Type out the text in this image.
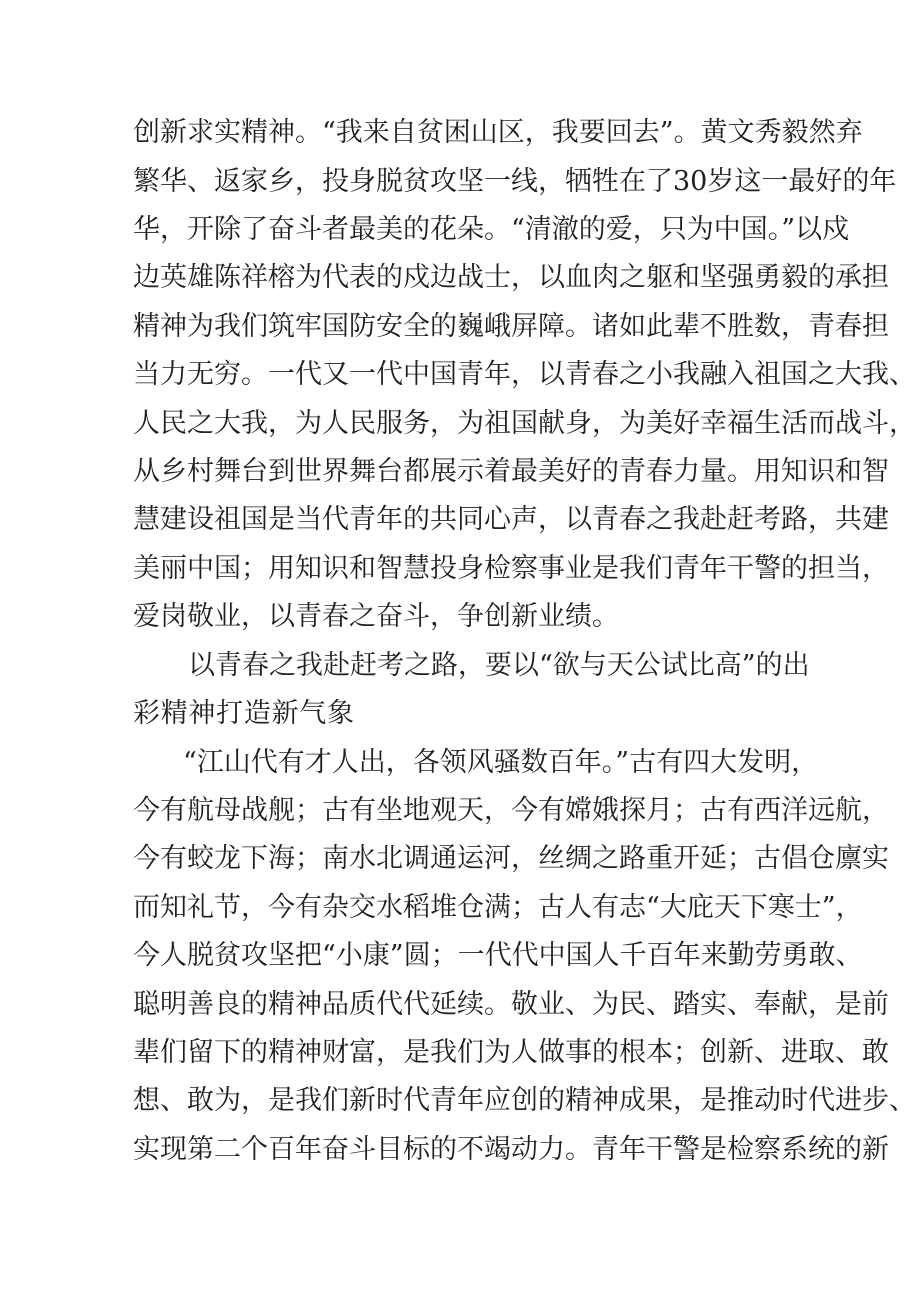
创新求实精神。“我来自贫困山区，我要回去”。黄文秀毅然弃
繁华、返家乡，投身脱贫攻坚一线，牺牲在了30岁这一最好的年
华，开除了奋斗者最美的花朵。“清澈的爱，只为中国。”以戍
边英雄陈祥榕为代表的戍边战士，以血肉之躯和坚强勇毅的承担
精神为我们筑牢国防安全的巍峨屏障。诸如此辈不胜数，青春担
当力无穷。一代又一代中国青年，以青春之小我融入祖国之大我、
人民之大我，为人民服务，为祖国献身，为美好幸福生活而战斗，
从乡村舞台到世界舞台都展示着最美好的青春力量。用知识和智
慧建设祖国是当代青年的共同心声，以青春之我赴赶考路，共建
美丽中国；用知识和智慧投身检察事业是我们青年干警的担当，
爱岗敬业，以青春之奋斗，争创新业绩。
以青春之我赴赶考之路，要以“欲与天公试比高”的出
彩精神打造新气象
“江山代有才人出，各领风骚数百年。”古有四大发明，
今有航母战舰；古有坐地观天，今有嫦娥探月；古有西洋远航，
今有蛟龙下海；南水北调通运河，丝绸之路重开延；古倡仓廪实
而知礼节，今有杂交水稻堆仓满；古人有志“大庇天下寒士”，
今人脱贫攻坚把“小康”圆；一代代中国人千百年来勤劳勇敢、
聪明善良的精神品质代代延续。敬业、为民、踏实、奉献，是前
辈们留下的精神财富，是我们为人做事的根本；创新、进取、敢
想、敢为，是我们新时代青年应创的精神成果，是推动时代进步、
实现第二个百年奋斗目标的不竭动力。青年干警是检察系统的新
